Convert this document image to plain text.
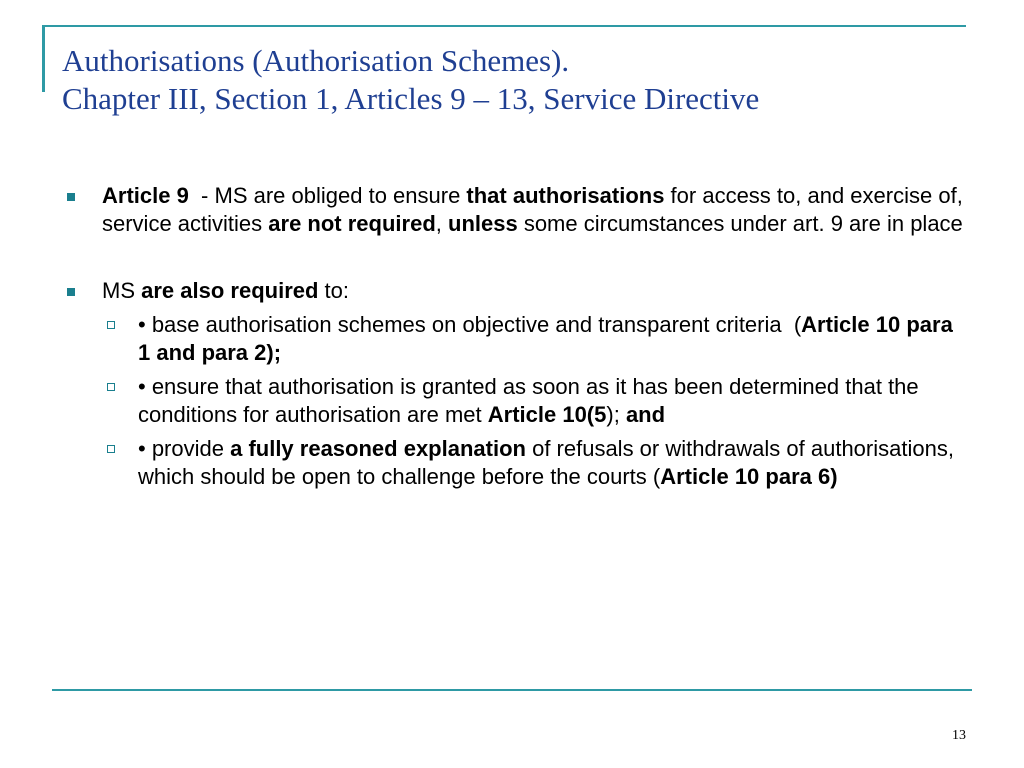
Authorisations (Authorisation Schemes).
Chapter III, Section 1, Articles 9 – 13, Service Directive
Article 9  - MS are obliged to ensure that authorisations for access to, and exercise of, service activities are not required, unless some circumstances under art. 9 are in place
MS are also required to:
• base authorisation schemes on objective and transparent criteria  (Article 10 para 1 and para 2);
• ensure that authorisation is granted as soon as it has been determined that the conditions for authorisation are met Article 10(5); and
• provide a fully reasoned explanation of refusals or withdrawals of authorisations, which should be open to challenge before the courts (Article 10 para 6)
13
